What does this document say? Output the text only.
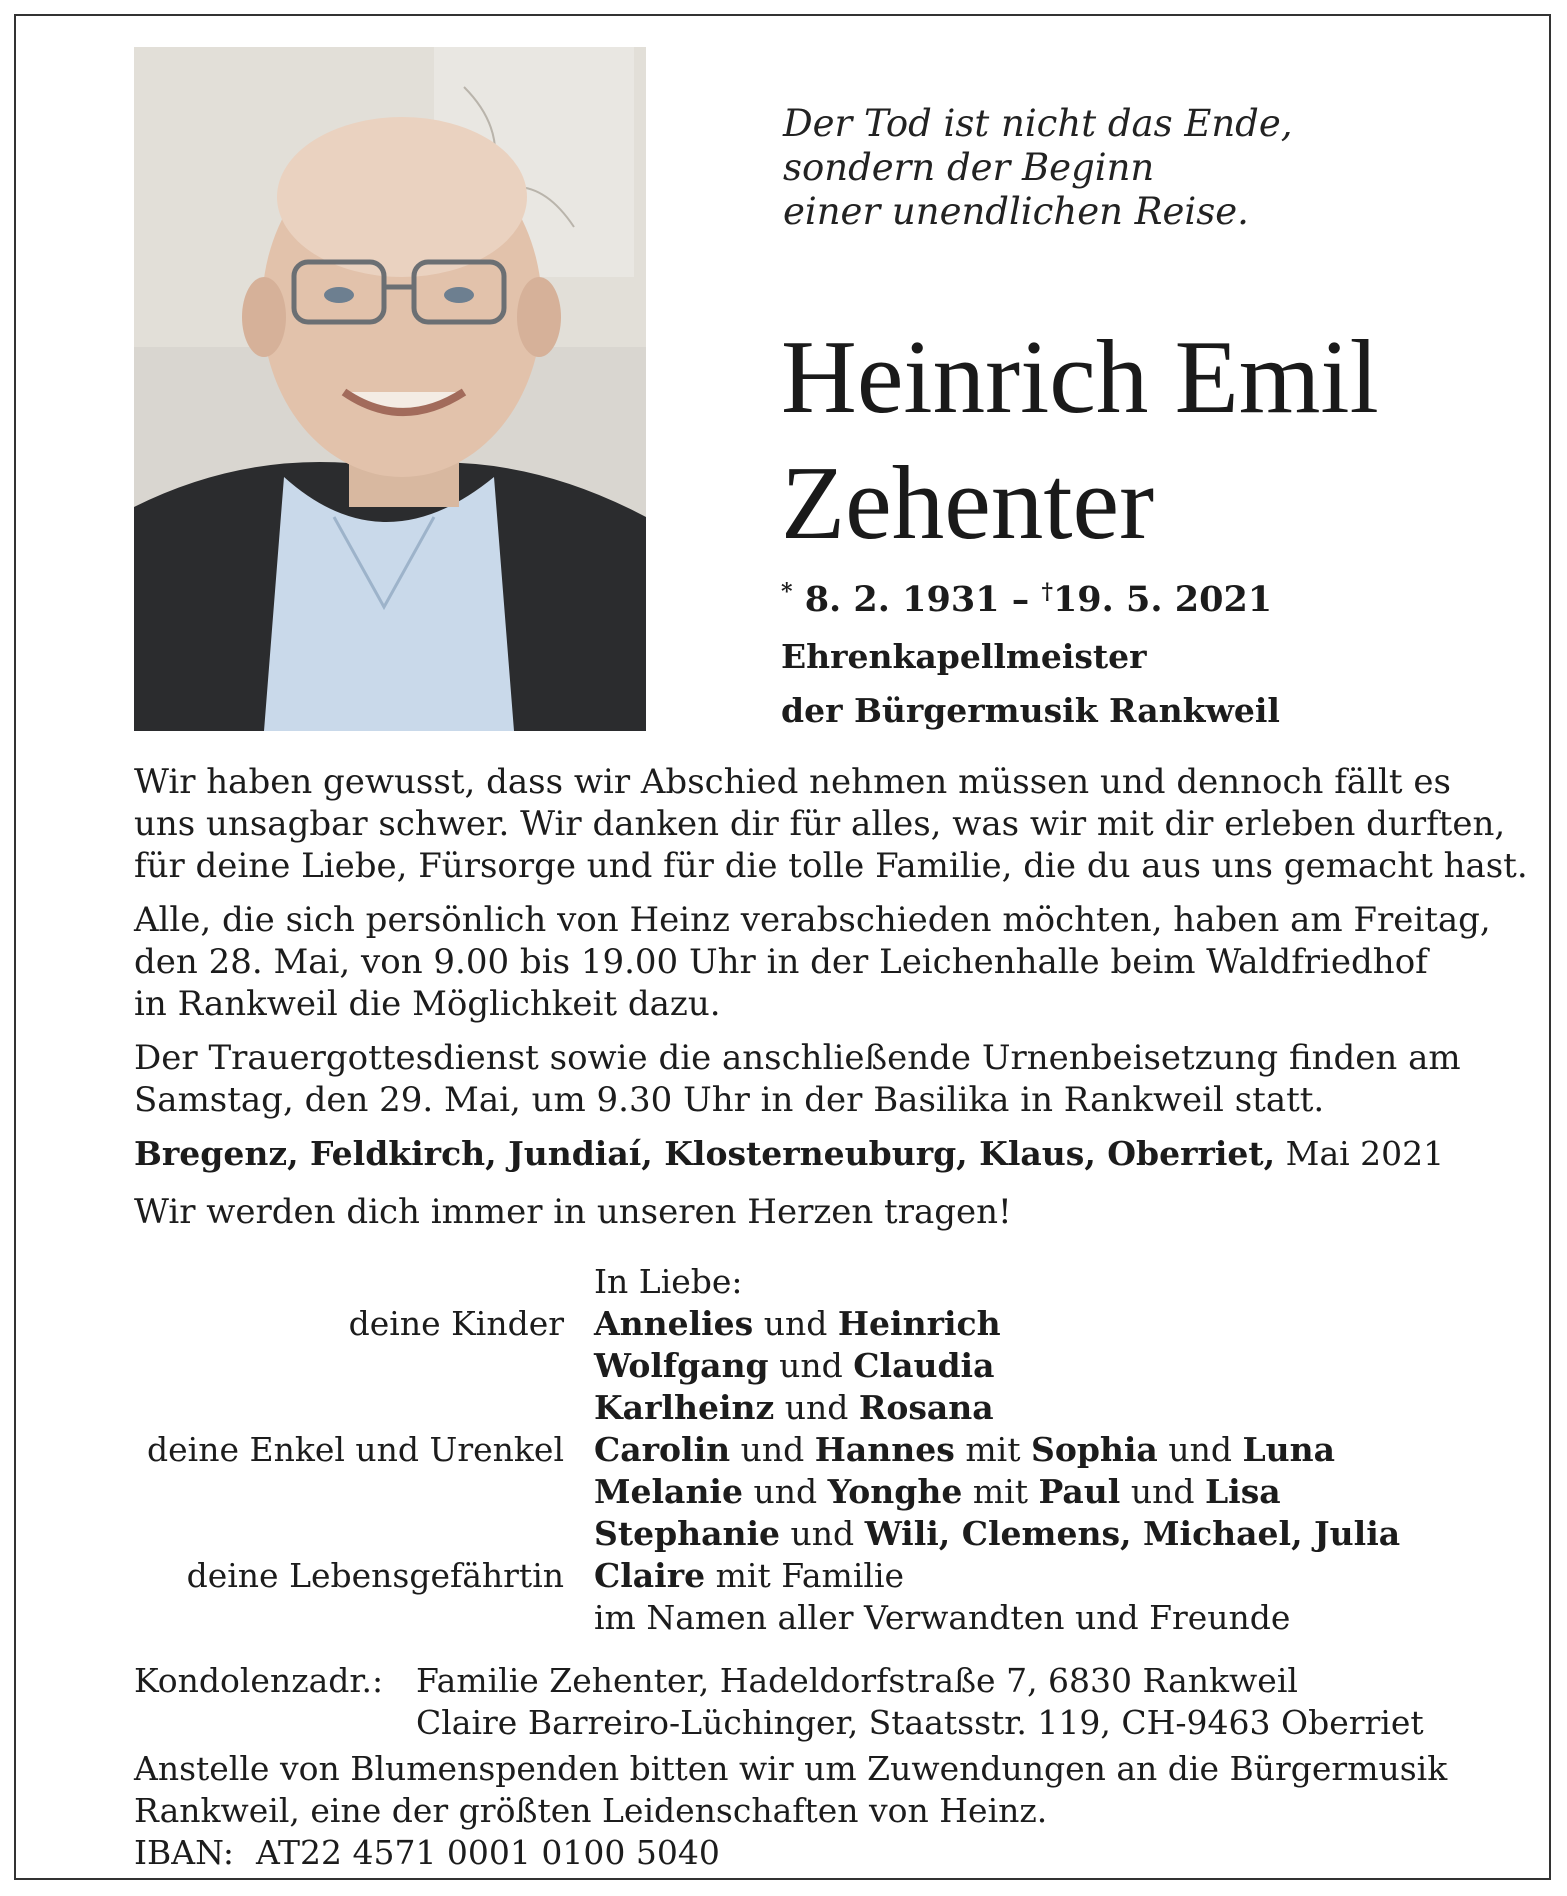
Der Tod ist nicht das Ende,
sondern der Beginn
einer unendlichen Reise.
Heinrich Emil
Zehenter
* 8. 2. 1931 – †19. 5. 2021
Ehrenkapellmeister
der Bürgermusik Rankweil
Wir haben gewusst, dass wir Abschied nehmen müssen und dennoch fällt es
uns unsagbar schwer. Wir danken dir für alles, was wir mit dir erleben durften,
für deine Liebe, Fürsorge und für die tolle Familie, die du aus uns gemacht hast.
Alle, die sich persönlich von Heinz verabschieden möchten, haben am Freitag,
den 28. Mai, von 9.00 bis 19.00 Uhr in der Leichenhalle beim Waldfriedhof
in Rankweil die Möglichkeit dazu.
Der Trauergottesdienst sowie die anschließende Urnenbeisetzung finden am
Samstag, den 29. Mai, um 9.30 Uhr in der Basilika in Rankweil statt.
Bregenz, Feldkirch, Jundiaí, Klosterneuburg, Klaus, Oberriet, Mai 2021
Wir werden dich immer in unseren Herzen tragen!
In Liebe:
deine Kinder Annelies und Heinrich
Wolfgang und Claudia
Karlheinz und Rosana
deine Enkel und Urenkel Carolin und Hannes mit Sophia und Luna
Melanie und Yonghe mit Paul und Lisa
Stephanie und Wili, Clemens, Michael, Julia
deine Lebensgefährtin Claire mit Familie
im Namen aller Verwandten und Freunde
Kondolenzadr.: Familie Zehenter, Hadeldorfstraße 7, 6830 Rankweil
Claire Barreiro-Lüchinger, Staatsstr. 119, CH-9463 Oberriet
Anstelle von Blumenspenden bitten wir um Zuwendungen an die Bürgermusik
Rankweil, eine der größten Leidenschaften von Heinz.
IBAN: AT22 4571 0001 0100 5040
